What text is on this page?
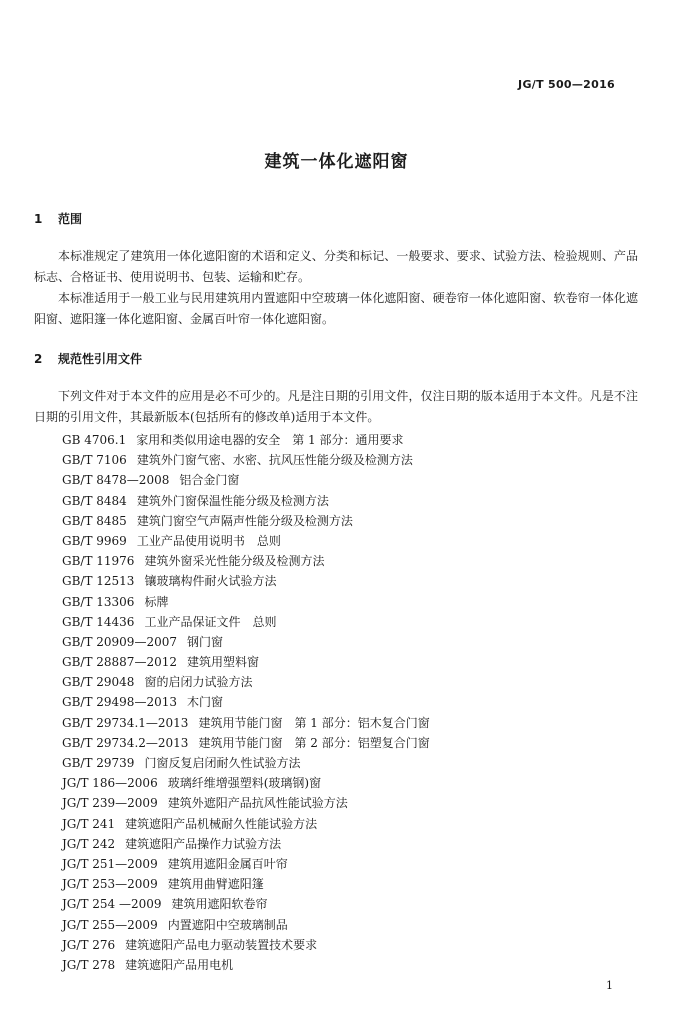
JG/T 500—2016
建筑一体化遮阳窗
1 范围
本标准规定了建筑用一体化遮阳窗的术语和定义、分类和标记、一般要求、要求、试验方法、检验规则、产品标志、合格证书、使用说明书、包装、运输和贮存。
本标准适用于一般工业与民用建筑用内置遮阳中空玻璃一体化遮阳窗、硬卷帘一体化遮阳窗、软卷帘一体化遮阳窗、遮阳篷一体化遮阳窗、金属百叶帘一体化遮阳窗。
2 规范性引用文件
下列文件对于本文件的应用是必不可少的。凡是注日期的引用文件，仅注日期的版本适用于本文件。凡是不注日期的引用文件，其最新版本(包括所有的修改单)适用于本文件。
GB 4706.1 家用和类似用途电器的安全　第 1 部分：通用要求
GB/T 7106 建筑外门窗气密、水密、抗风压性能分级及检测方法
GB/T 8478—2008 铝合金门窗
GB/T 8484 建筑外门窗保温性能分级及检测方法
GB/T 8485 建筑门窗空气声隔声性能分级及检测方法
GB/T 9969 工业产品使用说明书　总则
GB/T 11976 建筑外窗采光性能分级及检测方法
GB/T 12513 镶玻璃构件耐火试验方法
GB/T 13306 标牌
GB/T 14436 工业产品保证文件　总则
GB/T 20909—2007 钢门窗
GB/T 28887—2012 建筑用塑料窗
GB/T 29048 窗的启闭力试验方法
GB/T 29498—2013 木门窗
GB/T 29734.1—2013 建筑用节能门窗　第 1 部分：铝木复合门窗
GB/T 29734.2—2013 建筑用节能门窗　第 2 部分：铝塑复合门窗
GB/T 29739 门窗反复启闭耐久性试验方法
JG/T 186—2006 玻璃纤维增强塑料(玻璃钢)窗
JG/T 239—2009 建筑外遮阳产品抗风性能试验方法
JG/T 241 建筑遮阳产品机械耐久性能试验方法
JG/T 242 建筑遮阳产品操作力试验方法
JG/T 251—2009 建筑用遮阳金属百叶帘
JG/T 253—2009 建筑用曲臂遮阳篷
JG/T 254 —2009 建筑用遮阳软卷帘
JG/T 255—2009 内置遮阳中空玻璃制品
JG/T 276 建筑遮阳产品电力驱动装置技术要求
JG/T 278 建筑遮阳产品用电机
1
